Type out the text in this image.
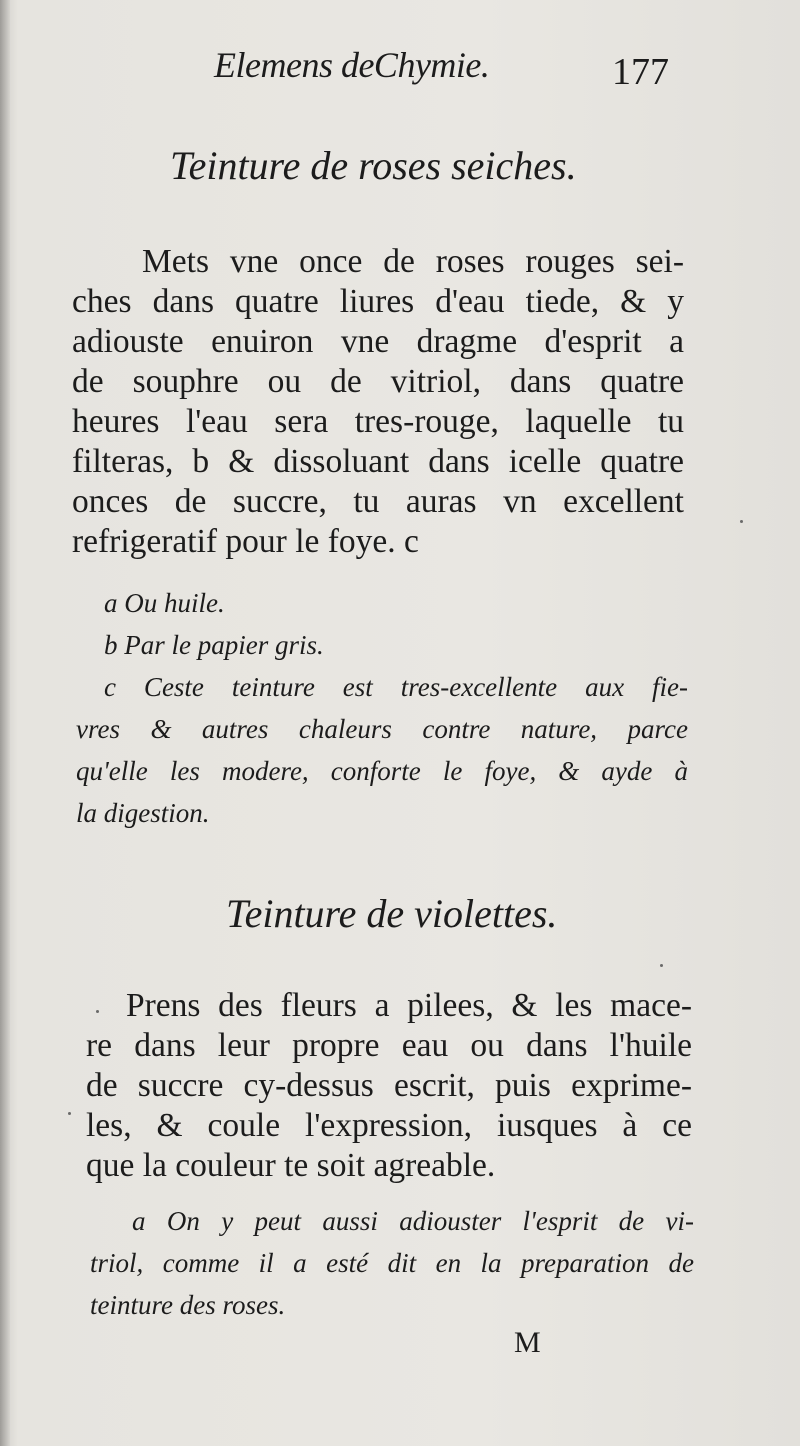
Elemens deChymie.	177
Teinture de roses seiches.
Mets vne once de roses rouges sei-
ches dans quatre liures d'eau tiede, & y
adiouste enuiron vne dragme d'esprit a
de souphre ou de vitriol, dans quatre
heures l'eau sera tres-rouge, laquelle tu
filteras, b & dissoluant dans icelle quatre
onces de succre, tu auras vn excellent
refrigeratif pour le foye. c
a Ou huile.
b Par le papier gris.
c Ceste teinture est tres-excellente aux fie-
vres & autres chaleurs contre nature, parce
qu'elle les modere, conforte le foye, & ayde à
la digestion.
Teinture de violettes.
Prens des fleurs a pilees, & les mace-
re dans leur propre eau ou dans l'huile
de succre cy-dessus escrit, puis exprime-
les, & coule l'expression, iusques à ce
que la couleur te soit agreable.
a On y peut aussi adiouster l'esprit de vi-
triol, comme il a esté dit en la preparation de
teinture des roses.
M
